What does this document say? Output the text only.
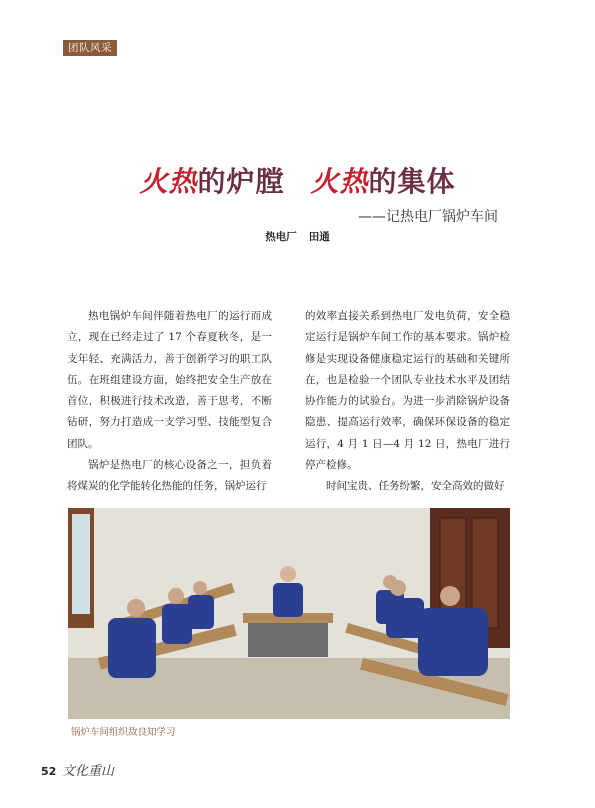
团队风采
火热的炉膛 火热的集体
——记热电厂锅炉车间
热电厂 田通

热电锅炉车间伴随着热电厂的运行而成立，现在已经走过了 17 个春夏秋冬，是一支年轻、充满活力，善于创新学习的职工队伍。在班组建设方面，始终把安全生产放在首位，积极进行技术改造，善于思考，不断钻研，努力打造成一支学习型、技能型复合团队。

锅炉是热电厂的核心设备之一，担负着将煤炭的化学能转化热能的任务，锅炉运行

的效率直接关系到热电厂发电负荷，安全稳定运行是锅炉车间工作的基本要求。锅炉检修是实现设备健康稳定运行的基础和关键所在，也是检验一个团队专业技术水平及团结协作能力的试验台。为进一步消除锅炉设备隐患、提高运行效率，确保环保设备的稳定运行，4 月 1 日—4 月 12 日，热电厂进行停产检修。

时间宝贵、任务纷繁，安全高效的做好

锅炉车间组织敌良知学习
52 文化重山
